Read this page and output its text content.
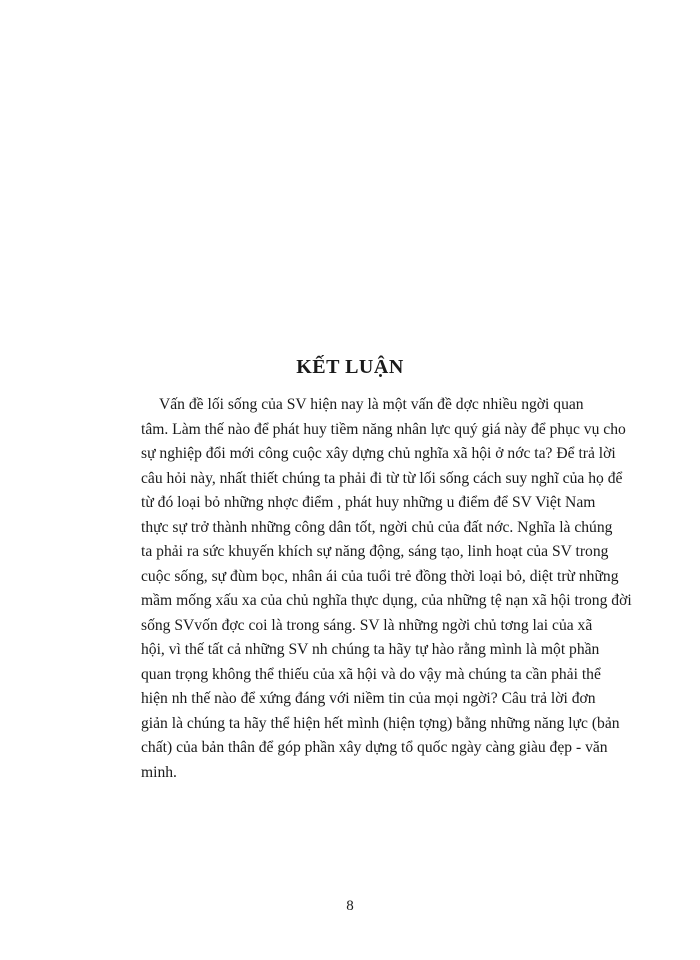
KẾT LUẬN
Vấn đề lối sống của SV hiện nay là một vấn đề dợc nhiều ngời quan
tâm. Làm thế nào để phát huy tiềm năng nhân lực quý giá này để phục vụ cho
sự nghiệp đổi mới công cuộc xây dựng chủ nghĩa xã hội ở nớc ta? Để trả lời
câu hỏi này, nhất thiết chúng ta phải đi từ từ lối sống cách suy nghĩ của họ để
từ đó loại bỏ những nhợc điểm , phát huy những u điểm để SV Việt Nam
thực sự trở thành những công dân tốt, ngời chủ của đất nớc. Nghĩa là chúng
ta phải ra sức khuyến khích sự năng động, sáng tạo, linh hoạt của SV trong
cuộc sống, sự đùm bọc, nhân ái của tuổi trẻ đồng thời loại bỏ, diệt trừ những
mầm mống xấu xa của chủ nghĩa thực dụng, của những tệ nạn xã hội trong đời
sống SVvốn đợc coi là trong sáng. SV là những ngời chủ tơng lai của xã
hội, vì thế tất cả những SV nh chúng ta hãy tự hào rằng mình là một phần
quan trọng không thể thiếu của xã hội và do vậy mà chúng ta cần phải thể
hiện nh thế nào để xứng đáng với niềm tin của mọi ngời? Câu trả lời đơn
giản là chúng ta hãy thể hiện hết mình (hiện tợng) bằng những năng lực (bản
chất) của bản thân để góp phần xây dựng tổ quốc ngày càng giàu đẹp - văn
minh.
8
